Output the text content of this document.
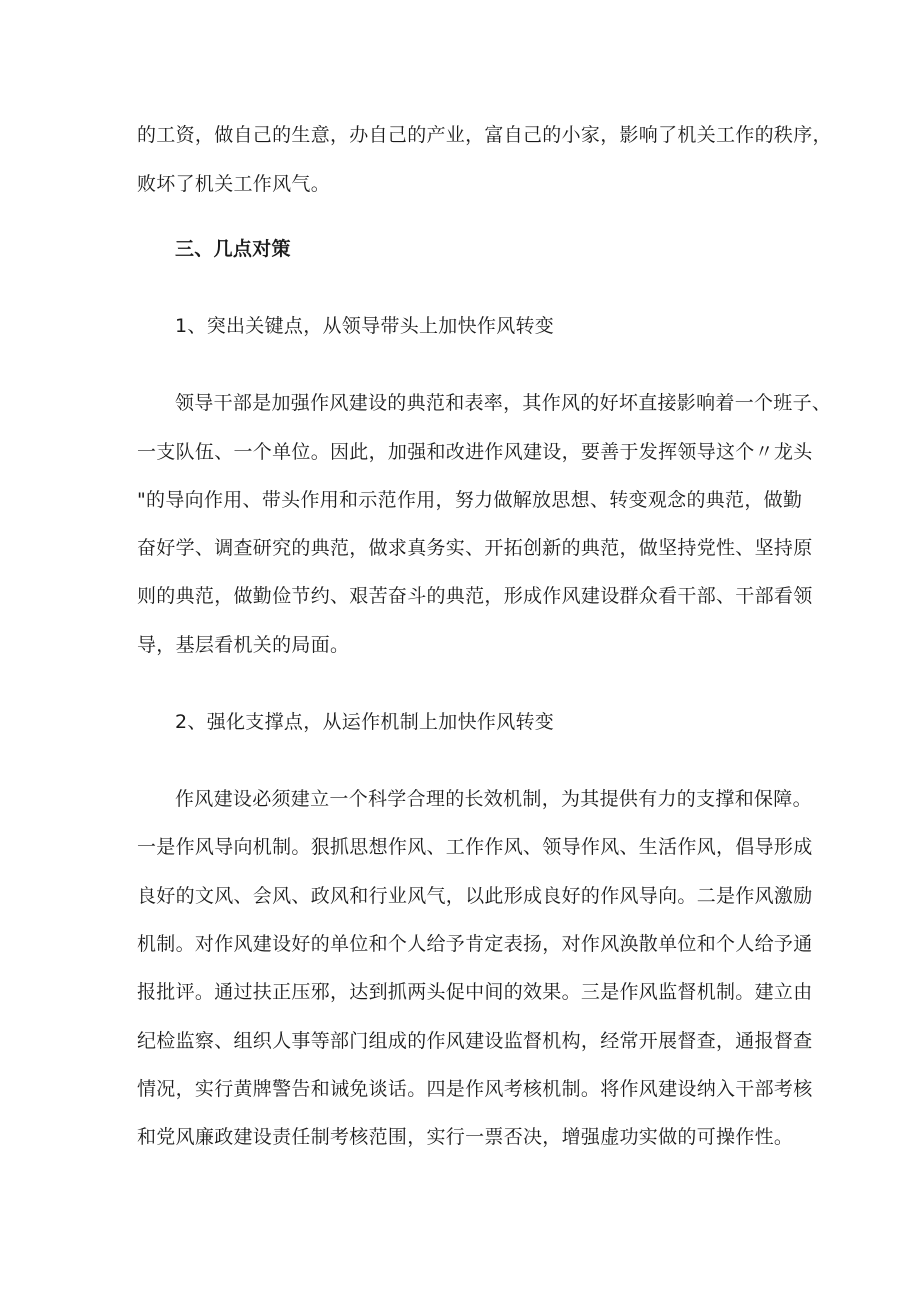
的工资，做自己的生意，办自己的产业，富自己的小家，影响了机关工作的秩序，
败坏了机关工作风气。
三、几点对策
1、突出关键点，从领导带头上加快作风转变
领导干部是加强作风建设的典范和表率，其作风的好坏直接影响着一个班子、
一支队伍、一个单位。因此，加强和改进作风建设，要善于发挥领导这个〃龙头
"的导向作用、带头作用和示范作用，努力做解放思想、转变观念的典范，做勤
奋好学、调查研究的典范，做求真务实、开拓创新的典范，做坚持党性、坚持原
则的典范，做勤俭节约、艰苦奋斗的典范，形成作风建设群众看干部、干部看领
导，基层看机关的局面。
2、强化支撑点，从运作机制上加快作风转变
作风建设必须建立一个科学合理的长效机制，为其提供有力的支撑和保障。
一是作风导向机制。狠抓思想作风、工作作风、领导作风、生活作风，倡导形成
良好的文风、会风、政风和行业风气，以此形成良好的作风导向。二是作风激励
机制。对作风建设好的单位和个人给予肯定表扬，对作风涣散单位和个人给予通
报批评。通过扶正压邪，达到抓两头促中间的效果。三是作风监督机制。建立由
纪检监察、组织人事等部门组成的作风建设监督机构，经常开展督查，通报督查
情况，实行黄牌警告和诫免谈话。四是作风考核机制。将作风建设纳入干部考核
和党风廉政建设责任制考核范围，实行一票否决，增强虚功实做的可操作性。
